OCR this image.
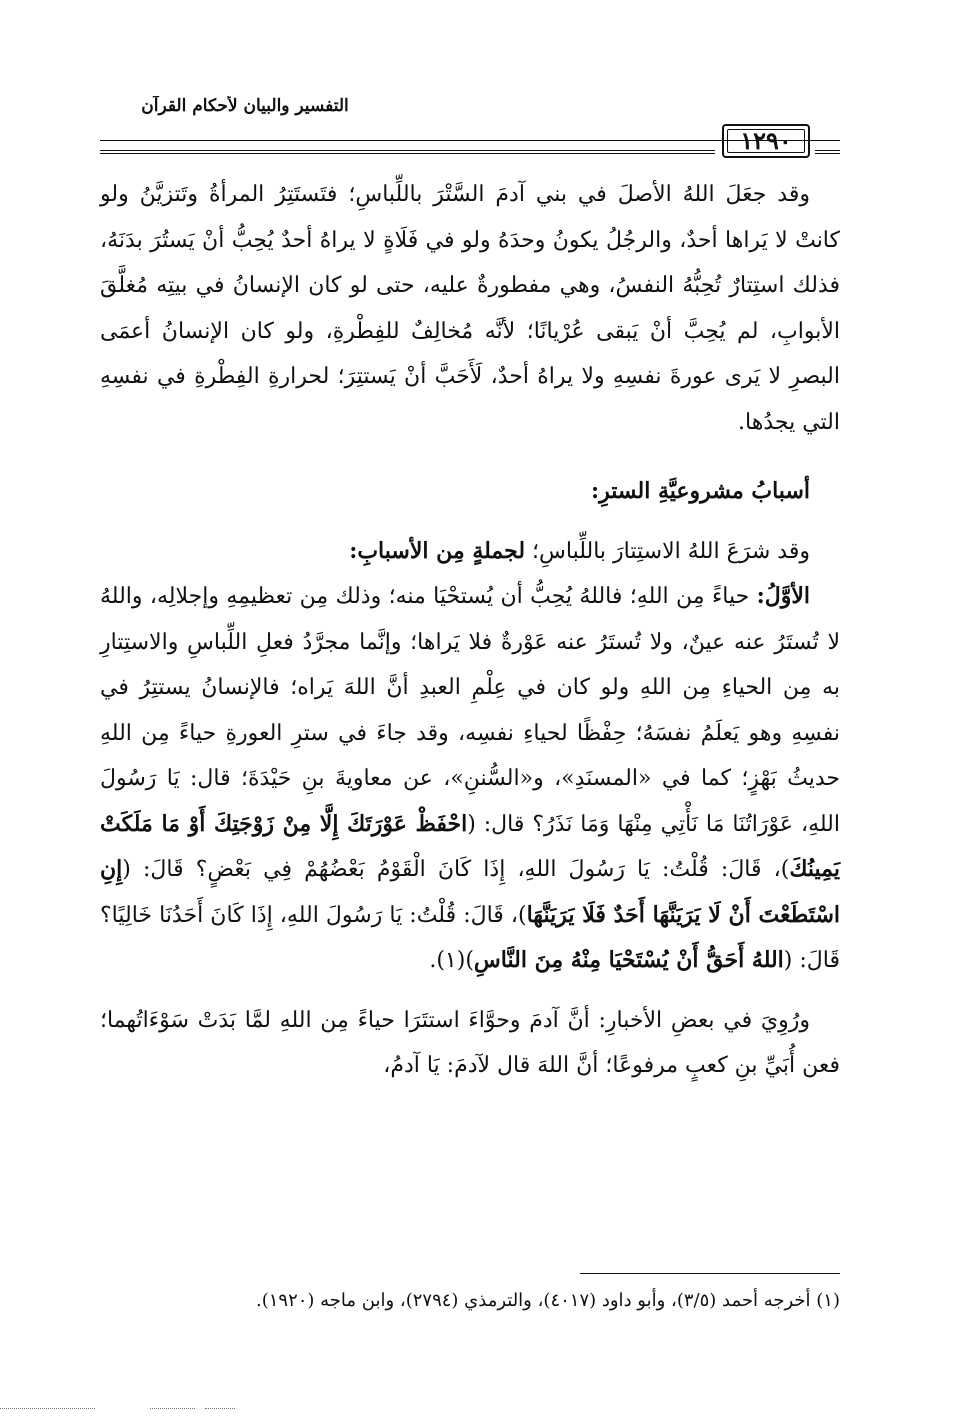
التفسير والبيان لأحكام القرآن
١٢٩٠

وقد جعَلَ اللهُ الأصلَ في بني آدمَ السَّتْرَ باللِّباسِ؛ فتَستَتِرُ المرأةُ وتَتزيَّنُ ولو كانتْ لا يَراها أحدٌ، والرجُلُ يكونُ وحدَهُ ولو في فَلَاةٍ لا يراهُ أحدٌ يُحِبُّ أنْ يَستُرَ بدَنَهُ، فذلك استِتارٌ تُحِبُّهُ النفسُ، وهي مفطورةٌ عليه، حتى لو كان الإنسانُ في بيتِه مُغلَّقَ الأبوابِ، لم يُحِبَّ أنْ يَبقى عُرْيانًا؛ لأنَّه مُخالِفٌ للفِطْرةِ، ولو كان الإنسانُ أعمَى البصرِ لا يَرى عورةَ نفسِهِ ولا يراهُ أحدٌ، لَأَحَبَّ أنْ يَستتِرَ؛ لحرارةِ الفِطْرةِ في نفسِهِ التي يجدُها.

أسبابُ مشروعيَّةِ السترِ:

وقد شرَعَ اللهُ الاستِتارَ باللِّباسِ؛ لجملةٍ مِن الأسبابِ:

الأوَّلُ: حياءً مِن اللهِ؛ فاللهُ يُحِبُّ أن يُستحْيَا منه؛ وذلك مِن تعظيمِهِ وإجلالِه، واللهُ لا تُستَرُ عنه عينٌ، ولا تُستَرُ عنه عَوْرةٌ فلا يَراها؛ وإنَّما مجرَّدُ فعلِ اللِّباسِ والاستِتارِ به مِن الحياءِ مِن اللهِ ولو كان في عِلْمِ العبدِ أنَّ اللهَ يَراه؛ فالإنسانُ يستتِرُ في نفسِهِ وهو يَعلَمُ نفسَهُ؛ حِفْظًا لحياءِ نفسِه، وقد جاءَ في سترِ العورةِ حياءً مِن اللهِ حديثُ بَهْزٍ؛ كما في «المسنَدِ»، و«السُّننِ»، عن معاويةَ بنِ حَيْدَةَ؛ قال: يَا رَسُولَ اللهِ، عَوْرَاتُنَا مَا نَأْتِي مِنْهَا وَمَا نَذَرُ؟ قال: (احْفَظْ عَوْرَتَكَ إِلَّا مِنْ زَوْجَتِكَ أَوْ مَا مَلَكَتْ يَمِينُكَ)، قَالَ: قُلْتُ: يَا رَسُولَ اللهِ، إِذَا كَانَ الْقَوْمُ بَعْضُهُمْ فِي بَعْضٍ؟ قَالَ: (إِنِ اسْتَطَعْتَ أَنْ لَا يَرَيَنَّهَا أَحَدٌ فَلَا يَرَيَنَّهَا)، قَالَ: قُلْتُ: يَا رَسُولَ اللهِ، إِذَا كَانَ أَحَدُنَا خَالِيًا؟ قَالَ: (اللهُ أَحَقُّ أَنْ يُسْتَحْيَا مِنْهُ مِنَ النَّاسِ)(١).

ورُوِيَ في بعضِ الأخبارِ: أنَّ آدمَ وحوَّاءَ استتَرَا حياءً مِن اللهِ لمَّا بَدَتْ سَوْءَاتُهما؛ فعن أُبَيِّ بنِ كعبٍ مرفوعًا؛ أنَّ اللهَ قال لآدمَ: يَا آدمُ،

(١) أخرجه أحمد (٣/٥)، وأبو داود (٤٠١٧)، والترمذي (٢٧٩٤)، وابن ماجه (١٩٢٠).
